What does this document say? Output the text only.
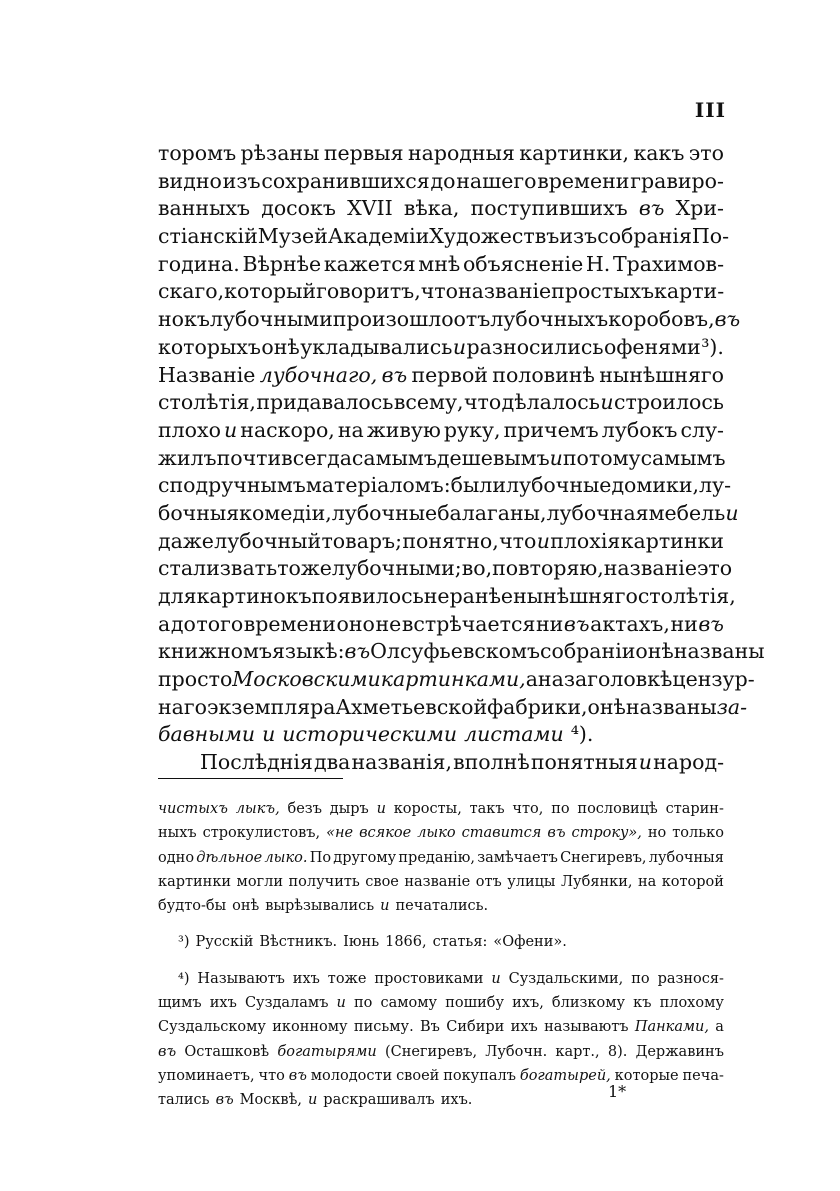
III
торомъ рѣзаны первыя народныя картинки, какъ это
видно изъ сохранившихся до нашего времени гравиро-
ванныхъ досокъ XVII вѣка, поступившихъ въ Хри-
стіанскій Музей Академіи Художествъ изъ собранія По-
година. Вѣрнѣе кажется мнѣ объясненіе Н. Трахимов-
скаго, который говоритъ, что названіе простыхъ карти-
нокъ лубочными произошло отъ лубочныхъ коробовъ, въ
которыхъ онѣ укладывались и разносились офенями ³).
Названіе лубочнаго, въ первой половинѣ нынѣшняго
столѣтія, придавалось всему, что дѣлалось и строилось
плохо и наскоро, на живую руку, причемъ лубокъ слу-
жилъ почти всегда самымъ дешевымъ и потому самымъ
сподручнымъ матеріаломъ: были лубочные домики, лу-
бочныя комедіи, лубочные балаганы, лубочная мебель и
даже лубочный товаръ; понятно, что и плохія картинки
стали звать тоже лубочными; во, повторяю, названіе это
для картинокъ появилось не ранѣе нынѣшняго столѣтія,
а до того времени оно не встрѣчается ни въ актахъ, ни въ
книжномъ языкѣ: въ Олсуфьевскомъ собраніи онѣ названы
просто Московскими картинками, а на заголовкѣ цензур-
наго экземпляра Ахметьевской фабрики, онѣ названы за-
бавными и историческими листами ⁴).
Послѣднія два названія, вполнѣ понятныя и народ-
чистыхъ лыкъ, безъ дыръ и коросты, такъ что, по пословицѣ старин-
ныхъ строкулистовъ, «не всякое лыко ставится въ строку», но только
одно дѣльное лыко. По другому преданію, замѣчаетъ Снегиревъ, лубочныя
картинки могли получить свое названіе отъ улицы Лубянки, на которой
будто-бы онѣ вырѣзывались и печатались.
³) Русскій Вѣстникъ. Іюнь 1866, статья: «Офени».
⁴) Называютъ ихъ тоже простовиками и Суздальскими, по разнося-
щимъ ихъ Суздаламъ и по самому пошибу ихъ, близкому къ плохому
Суздальскому иконному письму. Въ Сибири ихъ называютъ Панками, а
въ Осташковѣ богатырями (Снегиревъ, Лубочн. карт., 8). Державинъ
упоминаетъ, что въ молодости своей покупалъ богатырей, которые печа-
тались въ Москвѣ, и раскрашивалъ ихъ.	1*
